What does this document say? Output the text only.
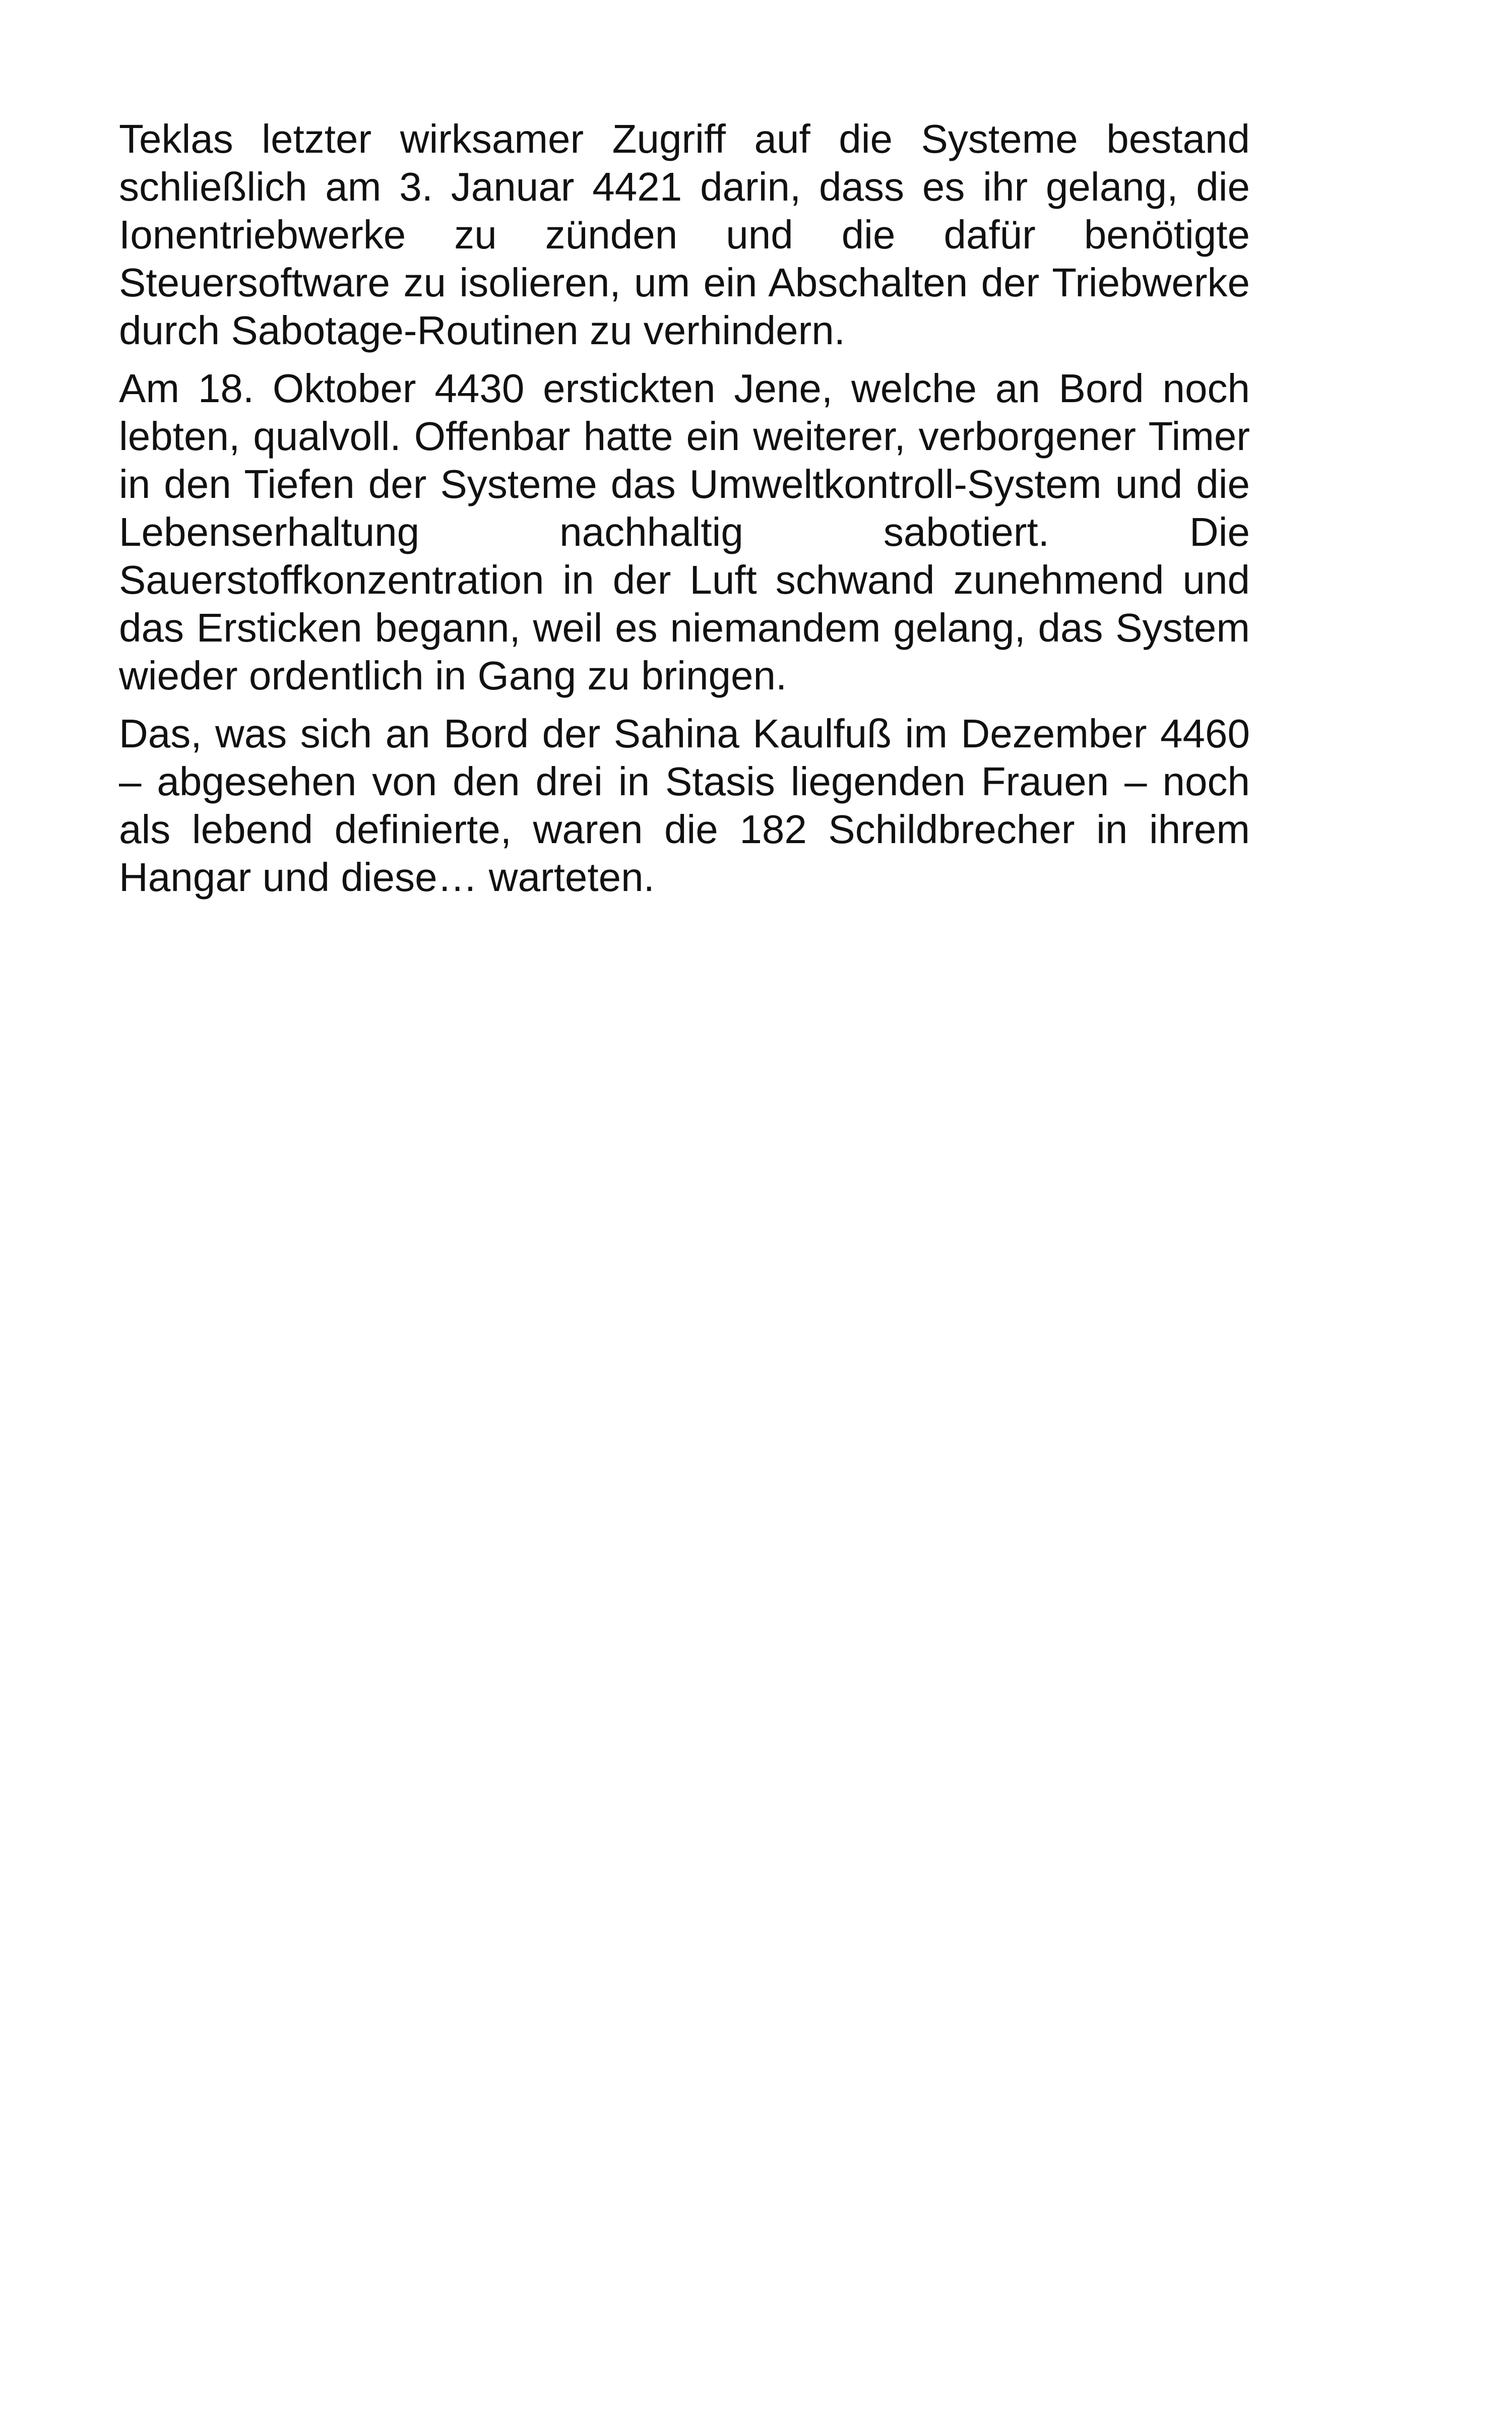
Teklas letzter wirksamer Zugriff auf die Systeme bestand schließlich am 3. Januar 4421 darin, dass es ihr gelang, die Ionentriebwerke zu zünden und die dafür benötigte Steuersoftware zu isolieren, um ein Abschalten der Triebwerke durch Sabotage-Routinen zu verhindern.

Am 18. Oktober 4430 erstickten Jene, welche an Bord noch lebten, qualvoll. Offenbar hatte ein weiterer, verborgener Timer in den Tiefen der Systeme das Umweltkontroll-System und die Lebenserhaltung nachhaltig sabotiert. Die Sauerstoffkonzentration in der Luft schwand zunehmend und das Ersticken begann, weil es niemandem gelang, das System wieder ordentlich in Gang zu bringen.

Das, was sich an Bord der Sahina Kaulfuß im Dezember 4460 – abgesehen von den drei in Stasis liegenden Frauen – noch als lebend definierte, waren die 182 Schildbrecher in ihrem Hangar und diese… warteten.
